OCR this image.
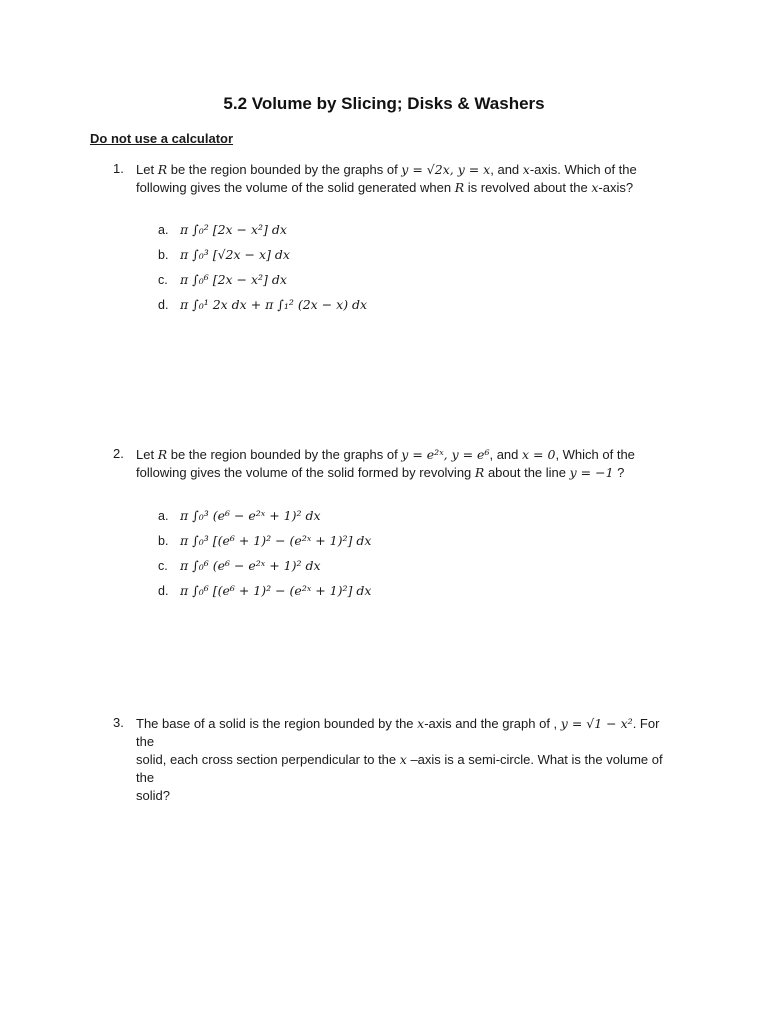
5.2 Volume by Slicing; Disks & Washers
Do not use a calculator
1. Let R be the region bounded by the graphs of y = √2x, y = x, and x-axis. Which of the
following gives the volume of the solid generated when R is revolved about the x-axis?
a. π ∫₀² [2x − x²] dx
b. π ∫₀³ [√2x − x] dx
c. π ∫₀⁶ [2x − x²] dx
d. π ∫₀¹ 2x dx + π ∫₁² (2x − x) dx
2. Let R be the region bounded by the graphs of y = e²ˣ, y = e⁶, and x = 0, Which of the
following gives the volume of the solid formed by revolving R about the line y = −1 ?
a. π ∫₀³ (e⁶ − e²ˣ + 1)² dx
b. π ∫₀³ [(e⁶ + 1)² − (e²ˣ + 1)²] dx
c. π ∫₀⁶ (e⁶ − e²ˣ + 1)² dx
d. π ∫₀⁶ [(e⁶ + 1)² − (e²ˣ + 1)²] dx
3. The base of a solid is the region bounded by the x-axis and the graph of , y = √1 − x². For the
solid, each cross section perpendicular to the x –axis is a semi-circle. What is the volume of the
solid?
